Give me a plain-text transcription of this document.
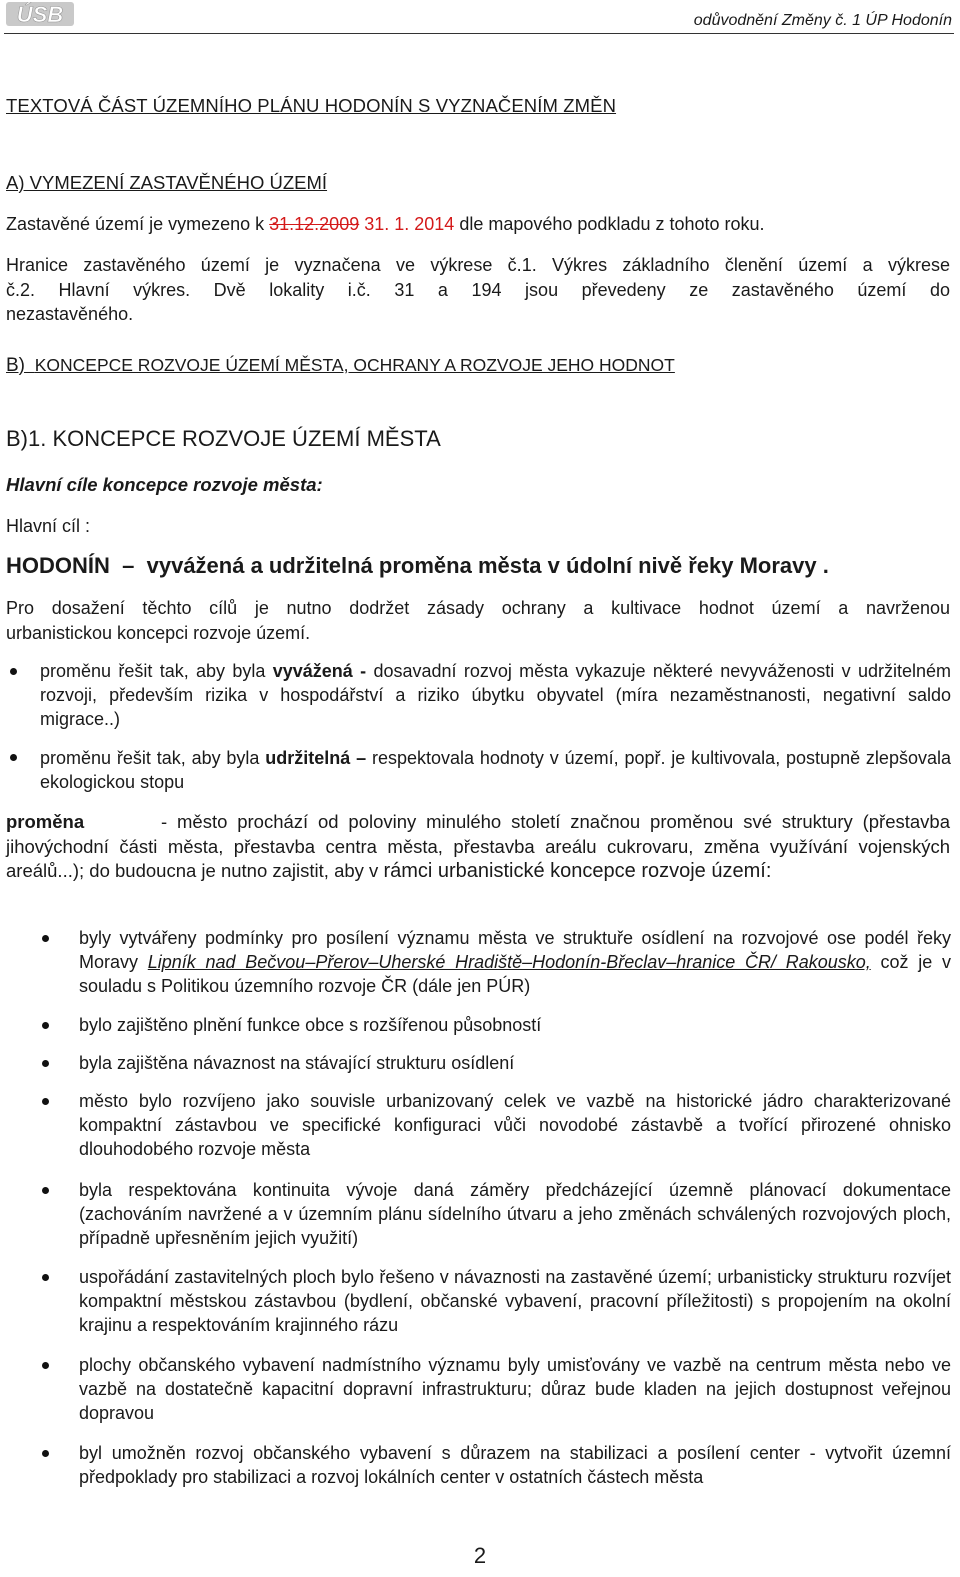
ÚSB	odůvodnění Změny č. 1 ÚP Hodonín
TEXTOVÁ ČÁST ÚZEMNÍHO PLÁNU HODONÍN S VYZNAČENÍM ZMĚN
A) VYMEZENÍ ZASTAVĚNÉHO ÚZEMÍ
Zastavěné území je vymezeno k 31.12.2009 31. 1. 2014 dle mapového podkladu z tohoto roku.
Hranice zastavěného území je vyznačena ve výkrese č.1. Výkres základního členění území a výkrese
č.2. Hlavní výkres. Dvě lokality i.č. 31 a 194 jsou převedeny ze zastavěného území do
nezastavěného.
B) KONCEPCE ROZVOJE ÚZEMÍ MĚSTA, OCHRANY A ROZVOJE JEHO HODNOT
B)1. KONCEPCE ROZVOJE ÚZEMÍ MĚSTA
Hlavní cíle koncepce rozvoje města:
Hlavní cíl :
HODONÍN – vyvážená a udržitelná proměna města v údolní nivě řeky Moravy .
Pro dosažení těchto cílů je nutno dodržet zásady ochrany a kultivace hodnot území a navrženou
urbanistickou koncepci rozvoje území.
proměnu řešit tak, aby byla vyvážená - dosavadní rozvoj města vykazuje některé nevyváženosti v udržitelném rozvoji, především rizika v hospodářství a riziko úbytku obyvatel (míra nezaměstnanosti, negativní saldo migrace..)
proměnu řešit tak, aby byla udržitelná – respektovala hodnoty v území, popř. je kultivovala, postupně zlepšovala ekologickou stopu
proměna	- město prochází od poloviny minulého století značnou proměnou své struktury (přestavba jihovýchodní části města, přestavba centra města, přestavba areálu cukrovaru, změna využívání vojenských areálů...); do budoucna je nutno zajistit, aby v rámci urbanistické koncepce rozvoje území:
byly vytvářeny podmínky pro posílení významu města ve struktuře osídlení na rozvojové ose podél řeky Moravy Lipník nad Bečvou–Přerov–Uherské Hradiště–Hodonín-Břeclav–hranice ČR/ Rakousko, což je v souladu s Politikou územního rozvoje ČR (dále jen PÚR)
bylo zajištěno plnění funkce obce s rozšířenou působností
byla zajištěna návaznost na stávající strukturu osídlení
město bylo rozvíjeno jako souvisle urbanizovaný celek ve vazbě na historické jádro charakterizované kompaktní zástavbou ve specifické konfiguraci vůči novodobé zástavbě a tvořící přirozené ohnisko dlouhodobého rozvoje města
byla respektována kontinuita vývoje daná záměry předcházející územně plánovací dokumentace (zachováním navržené a v územním plánu sídelního útvaru a jeho změnách schválených rozvojových ploch, případně upřesněním jejich využití)
uspořádání zastavitelných ploch bylo řešeno v návaznosti na zastavěné území; urbanisticky strukturu rozvíjet kompaktní městskou zástavbou (bydlení, občanské vybavení, pracovní příležitosti) s propojením na okolní krajinu a respektováním krajinného rázu
plochy občanského vybavení nadmístního významu byly umisťovány ve vazbě na centrum města nebo ve vazbě na dostatečně kapacitní dopravní infrastrukturu; důraz bude kladen na jejich dostupnost veřejnou dopravou
byl umožněn rozvoj občanského vybavení s důrazem na stabilizaci a posílení center - vytvořit územní předpoklady pro stabilizaci a rozvoj lokálních center v ostatních částech města
2
